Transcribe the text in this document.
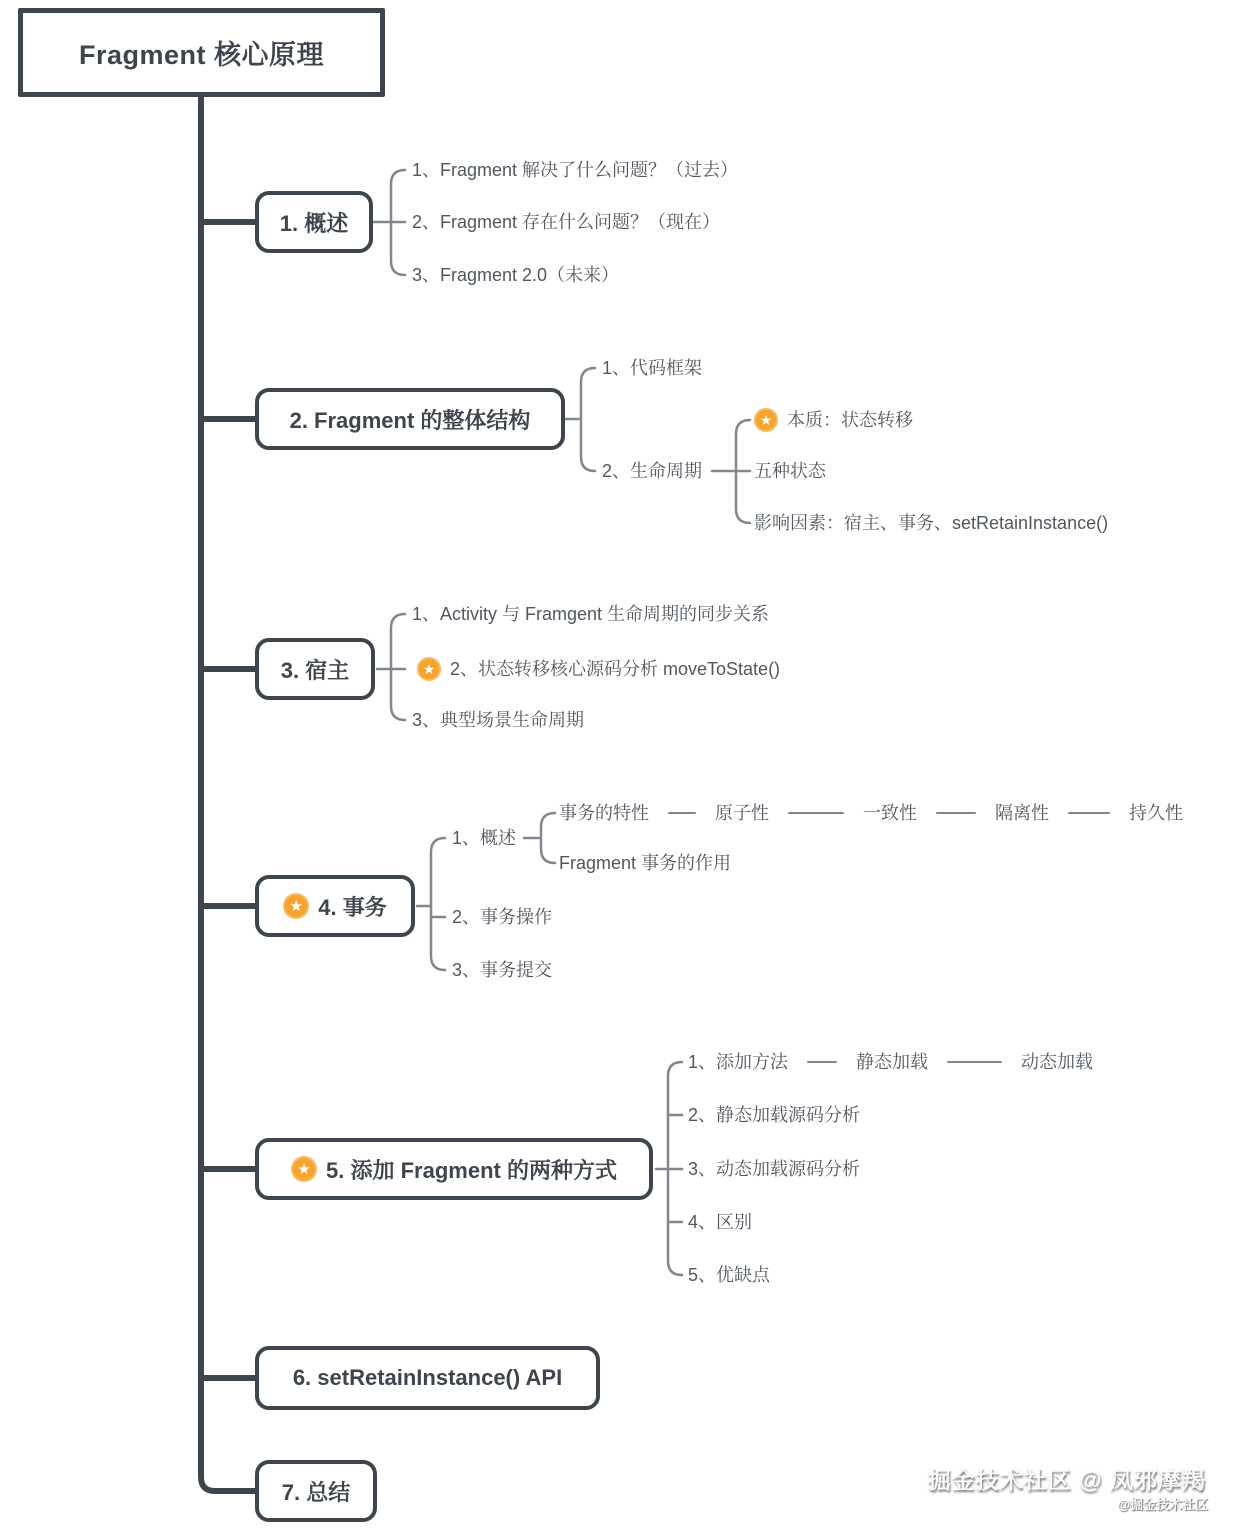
Fragment 核心原理
1. 概述
2. Fragment 的整体结构
3. 宿主
★ 4. 事务
★ 5. 添加 Fragment 的两种方式
6. setRetainInstance() API
7. 总结
1、Fragment 解决了什么问题？（过去）
2、Fragment 存在什么问题？（现在）
3、Fragment 2.0（未来）
1、代码框架
2、生命周期
★ 本质：状态转移
五种状态
影响因素：宿主、事务、setRetainInstance()
1、Activity 与 Framgent 生命周期的同步关系
★ 2、状态转移核心源码分析 moveToState()
3、典型场景生命周期
1、概述
事务的特性	原子性	一致性	隔离性	持久性
Fragment 事务的作用
2、事务操作
3、事务提交
1、添加方法	静态加载	动态加载
2、静态加载源码分析
3、动态加载源码分析
4、区别
5、优缺点
掘金技术社区 @ 凤邪摩羯
@掘金技术社区
